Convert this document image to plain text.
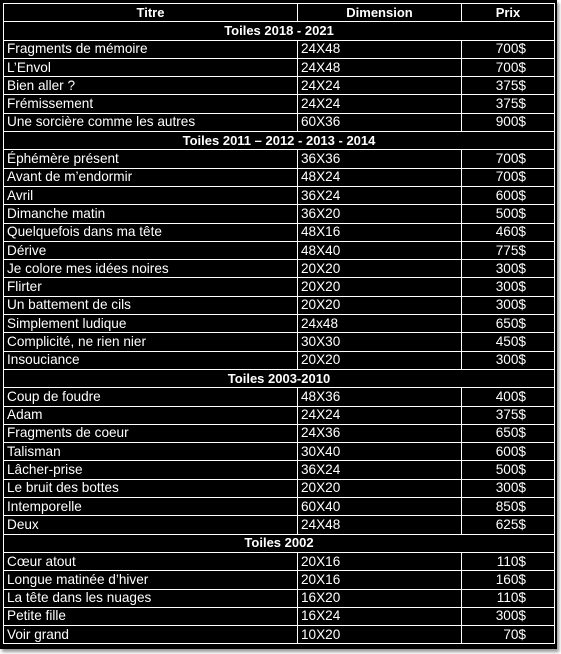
Titre	Dimension	Prix
Toiles 2018 - 2021		
Fragments de mémoire	24X48	700$
L’Envol	24X48	700$
Bien aller ?	24X24	375$
Frémissement	24X24	375$
Une sorcière comme les autres	60X36	900$
Toiles 2011 – 2012 - 2013 - 2014		
Éphémère présent	36X36	700$
Avant de m’endormir	48X24	700$
Avril	36X24	600$
Dimanche matin	36X20	500$
Quelquefois dans ma tête	48X16	460$
Dérive	48X40	775$
Je colore mes idées noires	20X20	300$
Flirter	20X20	300$
Un battement de cils	20X20	300$
Simplement ludique	24x48	650$
Complicité, ne rien nier	30X30	450$
Insouciance	20X20	300$
Toiles 2003-2010		
Coup de foudre	48X36	400$
Adam	24X24	375$
Fragments de coeur	24X36	650$
Talisman	30X40	600$
Lâcher-prise	36X24	500$
Le bruit des bottes	20X20	300$
Intemporelle	60X40	850$
Deux	24X48	625$
Toiles 2002		
Cœur atout	20X16	110$
Longue matinée d’hiver	20X16	160$
La tête dans les nuages	16X20	110$
Petite fille	16X24	300$
Voir grand	10X20	70$
